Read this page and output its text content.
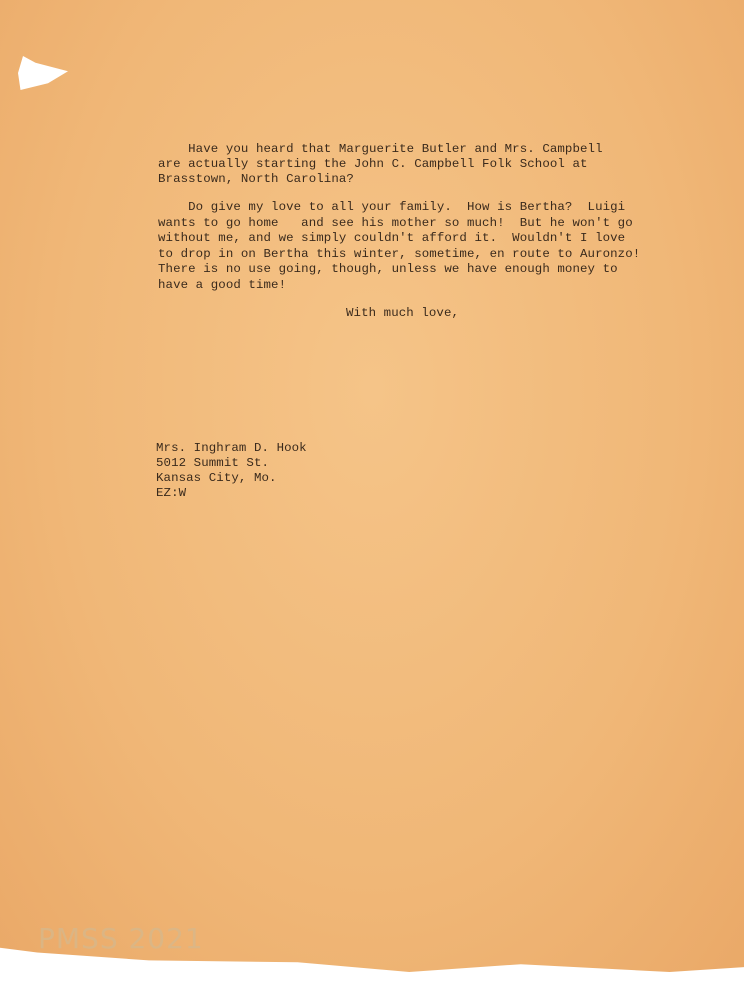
Have you heard that Marguerite Butler and Mrs. Campbell
are actually starting the John C. Campbell Folk School at
Brasstown, North Carolina?
Do give my love to all your family.  How is Bertha?  Luigi
wants to go home   and see his mother so much!  But he won't go
without me, and we simply couldn't afford it.  Wouldn't I love
to drop in on Bertha this winter, sometime, en route to Auronzo!
There is no use going, though, unless we have enough money to
have a good time!
With much love,
Mrs. Inghram D. Hook
5012 Summit St.
Kansas City, Mo.
EZ:W
PMSS 2021
